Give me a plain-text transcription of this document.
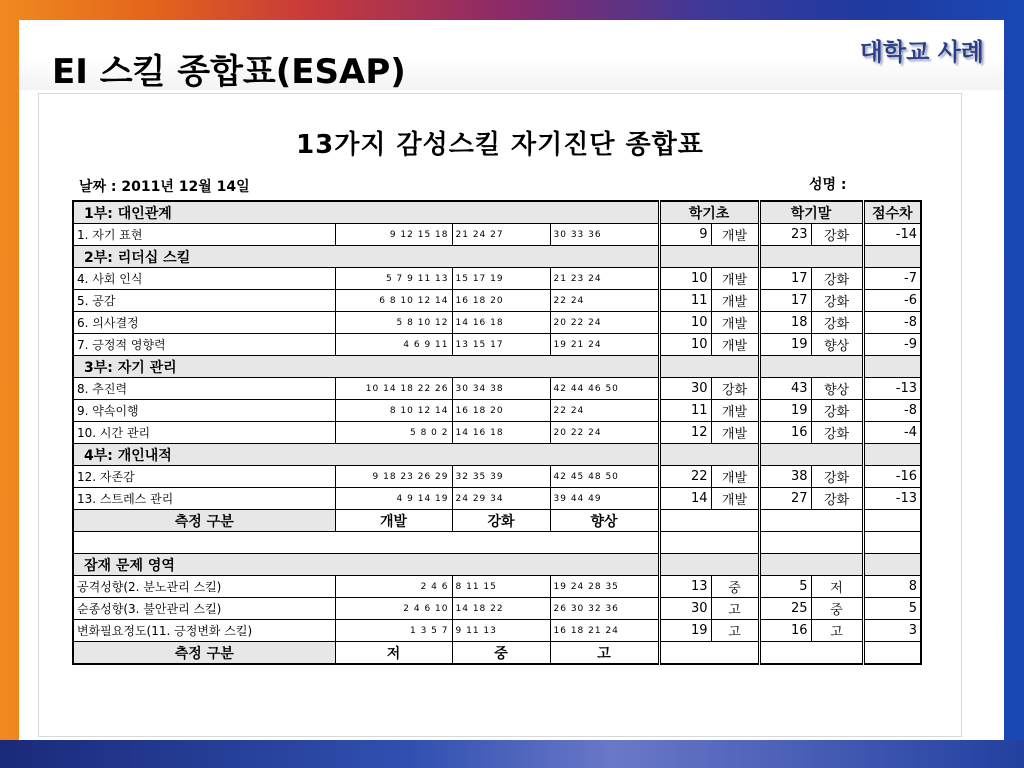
EI 스킬 종합표(ESAP)	대학교 사례
13가지 감성스킬 자기진단 종합표
날짜 : 2011년 12월 14일	성명 :
1부: 대인관계				학기초		학기말		점수차
1. 자기 표현	9 12 15 18	21 24 27	30 33 36	9	개발	23	강화	-14
2부: 리더십 스킬								
4. 사회 인식	5 7 9 11 13	15 17 19	21 23 24	10	개발	17	강화	-7
5. 공감	6 8 10 12 14	16 18 20	22 24	11	개발	17	강화	-6
6. 의사결정	5 8 10 12	14 16 18	20 22 24	10	개발	18	강화	-8
7. 긍정적 영향력	4 6 9 11	13 15 17	19 21 24	10	개발	19	향상	-9
3부: 자기 관리								
8. 추진력	10 14 18 22 26	30 34 38	42 44 46 50	30	강화	43	향상	-13
9. 약속이행	8 10 12 14	16 18 20	22 24	11	개발	19	강화	-8
10. 시간 관리	5 8 0 2	14 16 18	20 22 24	12	개발	16	강화	-4
4부: 개인내적								
12. 자존감	9 18 23 26 29	32 35 39	42 45 48 50	22	개발	38	강화	-16
13. 스트레스 관리	4 9 14 19	24 29 34	39 44 49	14	개발	27	강화	-13
측정 구분	개발	강화	향상					

잠재 문제 영역								
공격성향(2. 분노관리 스킬)	2 4 6	8 11 15	19 24 28 35	13	중	5	저	8
순종성향(3. 불안관리 스킬)	2 4 6 10	14 18 22	26 30 32 36	30	고	25	중	5
변화필요정도(11. 긍정변화 스킬)	1 3 5 7	9 11 13	16 18 21 24	19	고	16	고	3
측정 구분	저	중	고					
